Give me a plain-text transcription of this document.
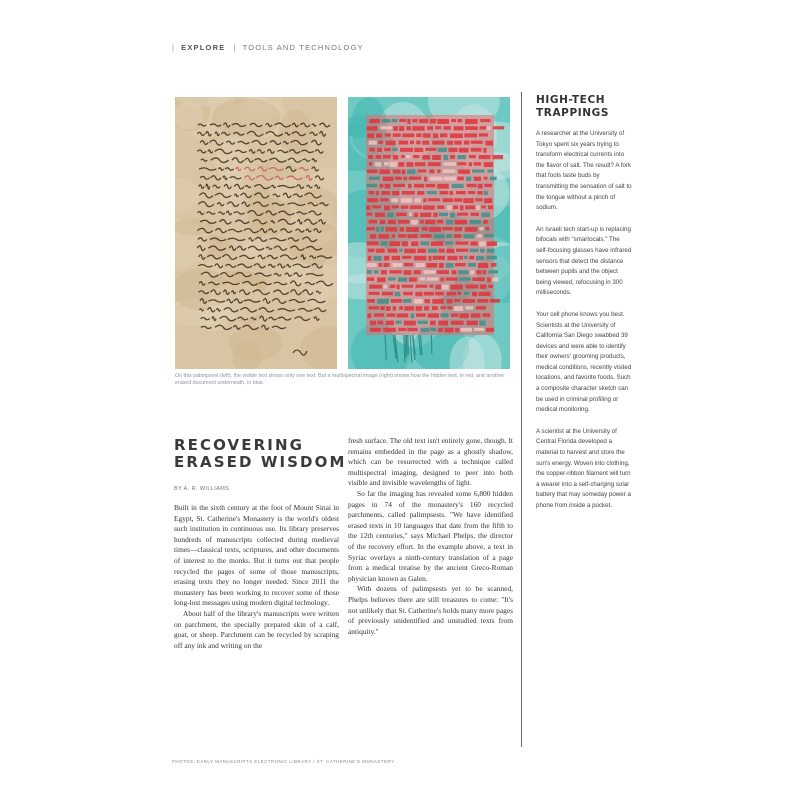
| EXPLORE | TOOLS AND TECHNOLOGY
On this palimpsest (left), the visible text shows only one text. But a multispectral image (right) shows how the hidden text, in red, and another erased document underneath, in blue.
RECOVERING
ERASED WISDOM
BY A. R. WILLIAMS

Built in the sixth century at the foot of Mount Sinai in Egypt, St. Catherine's Monastery is the world's oldest such institution in continuous use. Its library preserves hundreds of manuscripts collected during medieval times—classical texts, scriptures, and other documents of interest to the monks. But it turns out that people recycled the pages of some of those manuscripts, erasing texts they no longer needed. Since 2011 the monastery has been working to recover some of those long-lost messages using modern digital technology.

About half of the library's manuscripts were written on parchment, the specially prepared skin of a calf, goat, or sheep. Parchment can be recycled by scraping off any ink and writing on the

fresh surface. The old text isn't entirely gone, though. It remains embedded in the page as a ghostly shadow, which can be resurrected with a technique called multispectral imaging, designed to peer into both visible and invisible wavelengths of light.

So far the imaging has revealed some 6,800 hidden pages in 74 of the monastery's 160 recycled parchments, called palimpsests. "We have identified erased texts in 10 languages that date from the fifth to the 12th centuries," says Michael Phelps, the director of the recovery effort. In the example above, a text in Syriac overlays a ninth-century translation of a page from a medical treatise by the ancient Greco-Roman physician known as Galen.

With dozens of palimpsests yet to be scanned, Phelps believes there are still treasures to come: "It's not unlikely that St. Catherine's holds many more pages of previously unidentified and unstudied texts from antiquity."

HIGH-TECH
TRAPPINGS

A researcher at the University of Tokyo spent six years trying to transform electrical currents into the flavor of salt. The result? A fork that fools taste buds by transmitting the sensation of salt to the tongue without a pinch of sodium.

An Israeli tech start-up is replacing bifocals with "smartocals." The self-focusing glasses have infrared sensors that detect the distance between pupils and the object being viewed, refocusing in 300 milliseconds.

Your cell phone knows you best. Scientists at the University of California San Diego swabbed 39 devices and were able to identify their owners' grooming products, medical conditions, recently visited locations, and favorite foods. Such a composite character sketch can be used in criminal profiling or medical monitoring.

A scientist at the University of Central Florida developed a material to harvest and store the sun's energy. Woven into clothing, the copper-ribbon filament will turn a wearer into a self-charging solar battery that may someday power a phone from inside a pocket.

PHOTOS: EARLY MANUSCRIPTS ELECTRONIC LIBRARY / ST. CATHERINE'S MONASTERY
